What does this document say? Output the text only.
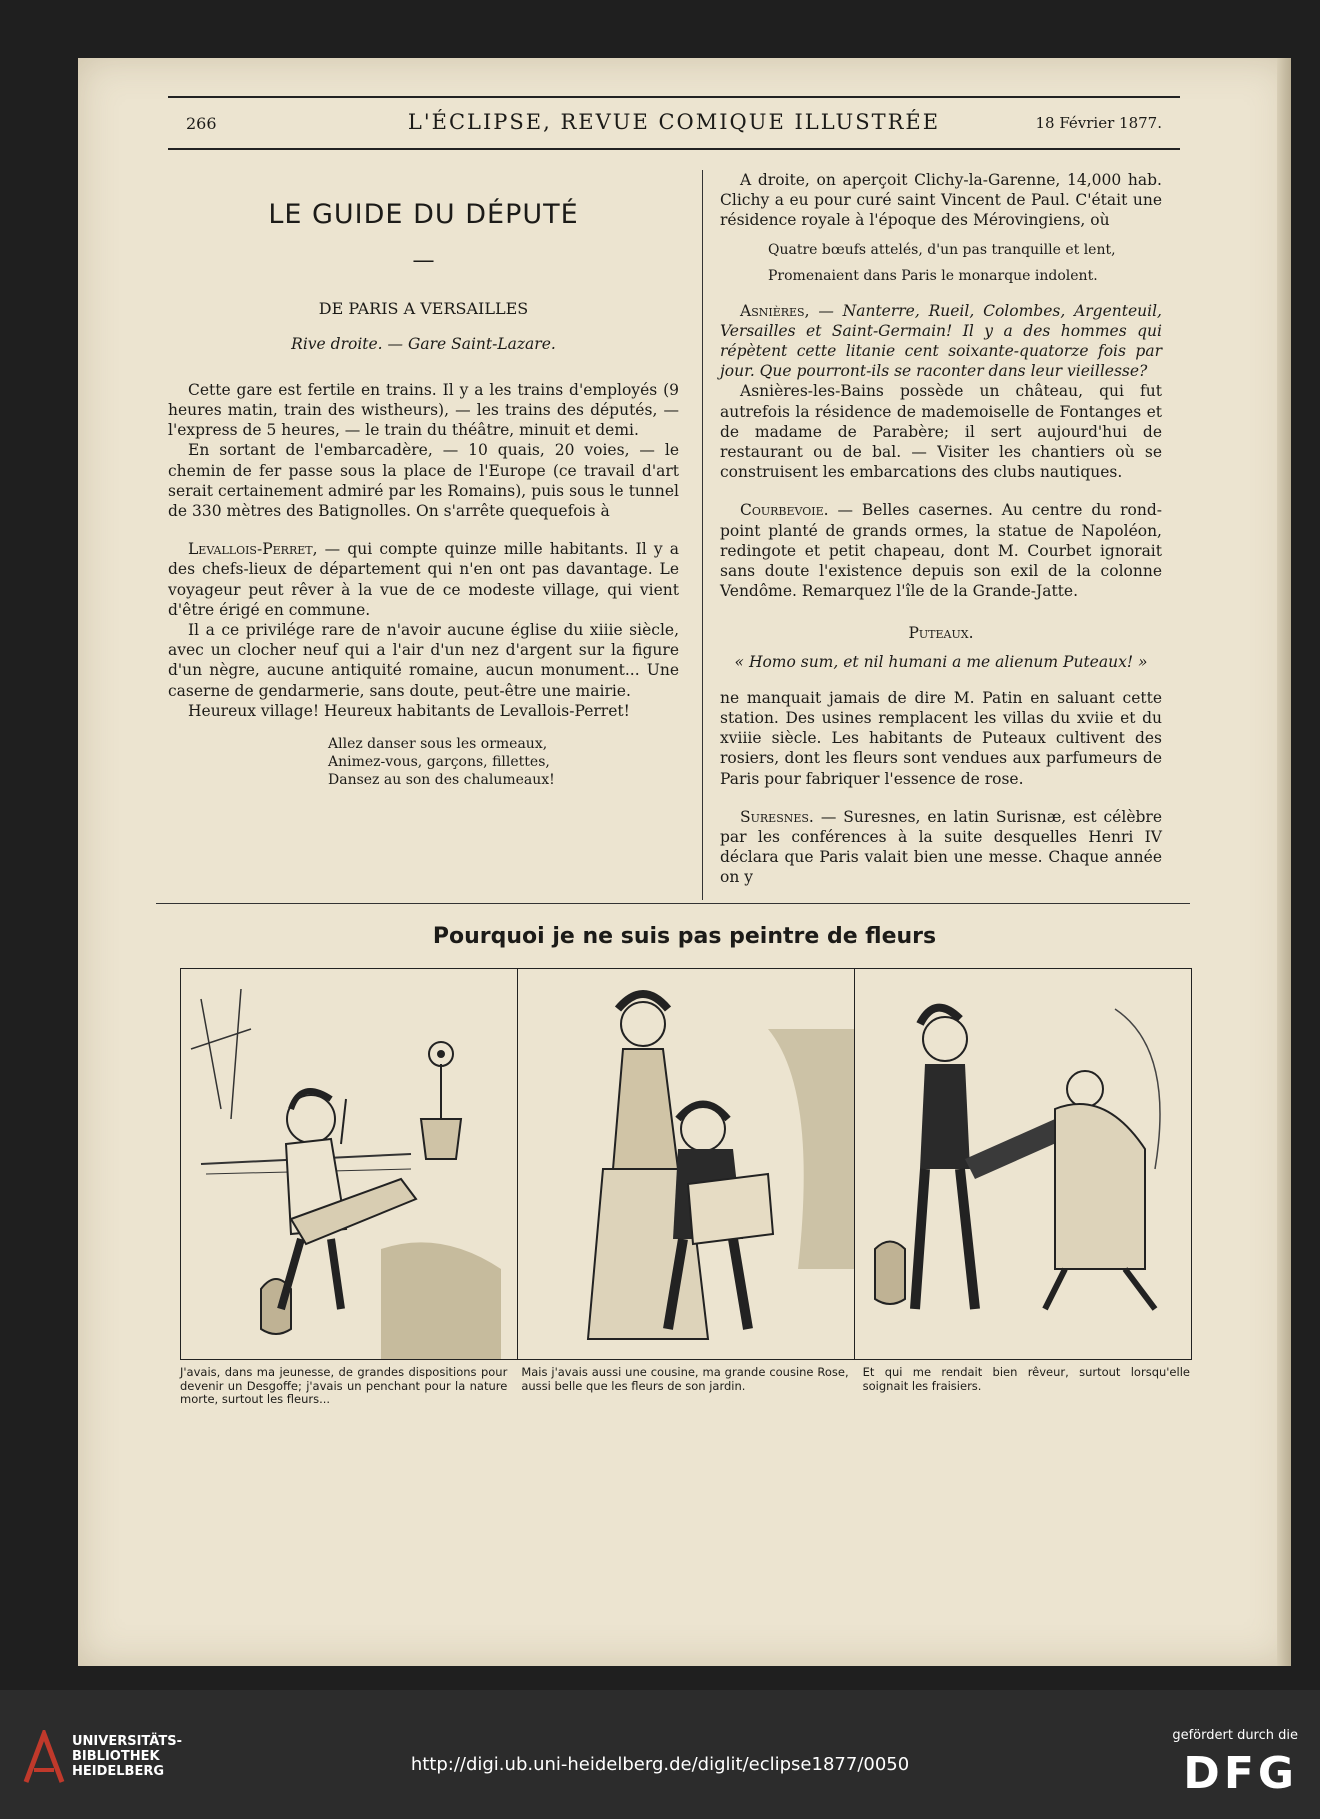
266	L'ÉCLIPSE, REVUE COMIQUE ILLUSTRÉE	18 Février 1877.
LE GUIDE DU DÉPUTÉ
—
DE PARIS A VERSAILLES
Rive droite. — Gare Saint-Lazare.

Cette gare est fertile en trains. Il y a les trains d'employés (9 heures matin, train des wistheurs), — les trains des députés, — l'express de 5 heures, — le train du théâtre, minuit et demi.

En sortant de l'embarcadère, — 10 quais, 20 voies, — le chemin de fer passe sous la place de l'Europe (ce travail d'art serait certainement admiré par les Romains), puis sous le tunnel de 330 mètres des Batignolles. On s'arrête quequefois à

Levallois-Perret, — qui compte quinze mille habitants. Il y a des chefs-lieux de département qui n'en ont pas davantage. Le voyageur peut rêver à la vue de ce modeste village, qui vient d'être érigé en commune.

Il a ce privilége rare de n'avoir aucune église du xiiie siècle, avec un clocher neuf qui a l'air d'un nez d'argent sur la figure d'un nègre, aucune antiquité romaine, aucun monument... Une caserne de gendarmerie, sans doute, peut-être une mairie.

Heureux village! Heureux habitants de Levallois-Perret!

Allez danser sous les ormeaux,
Animez-vous, garçons, fillettes,
Dansez au son des chalumeaux!

A droite, on aperçoit Clichy-la-Garenne, 14,000 hab. Clichy a eu pour curé saint Vincent de Paul. C'était une résidence royale à l'époque des Mérovingiens, où

Quatre bœufs attelés, d'un pas tranquille et lent,
Promenaient dans Paris le monarque indolent.

Asnières, — Nanterre, Rueil, Colombes, Argenteuil, Versailles et Saint-Germain! Il y a des hommes qui répètent cette litanie cent soixante-quatorze fois par jour. Que pourront-ils se raconter dans leur vieillesse?

Asnières-les-Bains possède un château, qui fut autrefois la résidence de mademoiselle de Fontanges et de madame de Parabère; il sert aujourd'hui de restaurant ou de bal. — Visiter les chantiers où se construisent les embarcations des clubs nautiques.

Courbevoie. — Belles casernes. Au centre du rond-point planté de grands ormes, la statue de Napoléon, redingote et petit chapeau, dont M. Courbet ignorait sans doute l'existence depuis son exil de la colonne Vendôme. Remarquez l'île de la Grande-Jatte.

Puteaux.
« Homo sum, et nil humani a me alienum Puteaux! »

ne manquait jamais de dire M. Patin en saluant cette station. Des usines remplacent les villas du xviie et du xviiie siècle. Les habitants de Puteaux cultivent des rosiers, dont les fleurs sont vendues aux parfumeurs de Paris pour fabriquer l'essence de rose.

Suresnes. — Suresnes, en latin Surisnæ, est célèbre par les conférences à la suite desquelles Henri IV déclara que Paris valait bien une messe. Chaque année on y

Pourquoi je ne suis pas peintre de fleurs
J'avais, dans ma jeunesse, de grandes dispositions pour devenir un Desgoffe; j'avais un penchant pour la nature morte, surtout les fleurs...
Mais j'avais aussi une cousine, ma grande cousine Rose, aussi belle que les fleurs de son jardin.
Et qui me rendait bien rêveur, surtout lorsqu'elle soignait les fraisiers.
UNIVERSITÄTS-
BIBLIOTHEK
HEIDELBERG	http://digi.ub.uni-heidelberg.de/diglit/eclipse1877/0050
gefördert durch die
DFG
